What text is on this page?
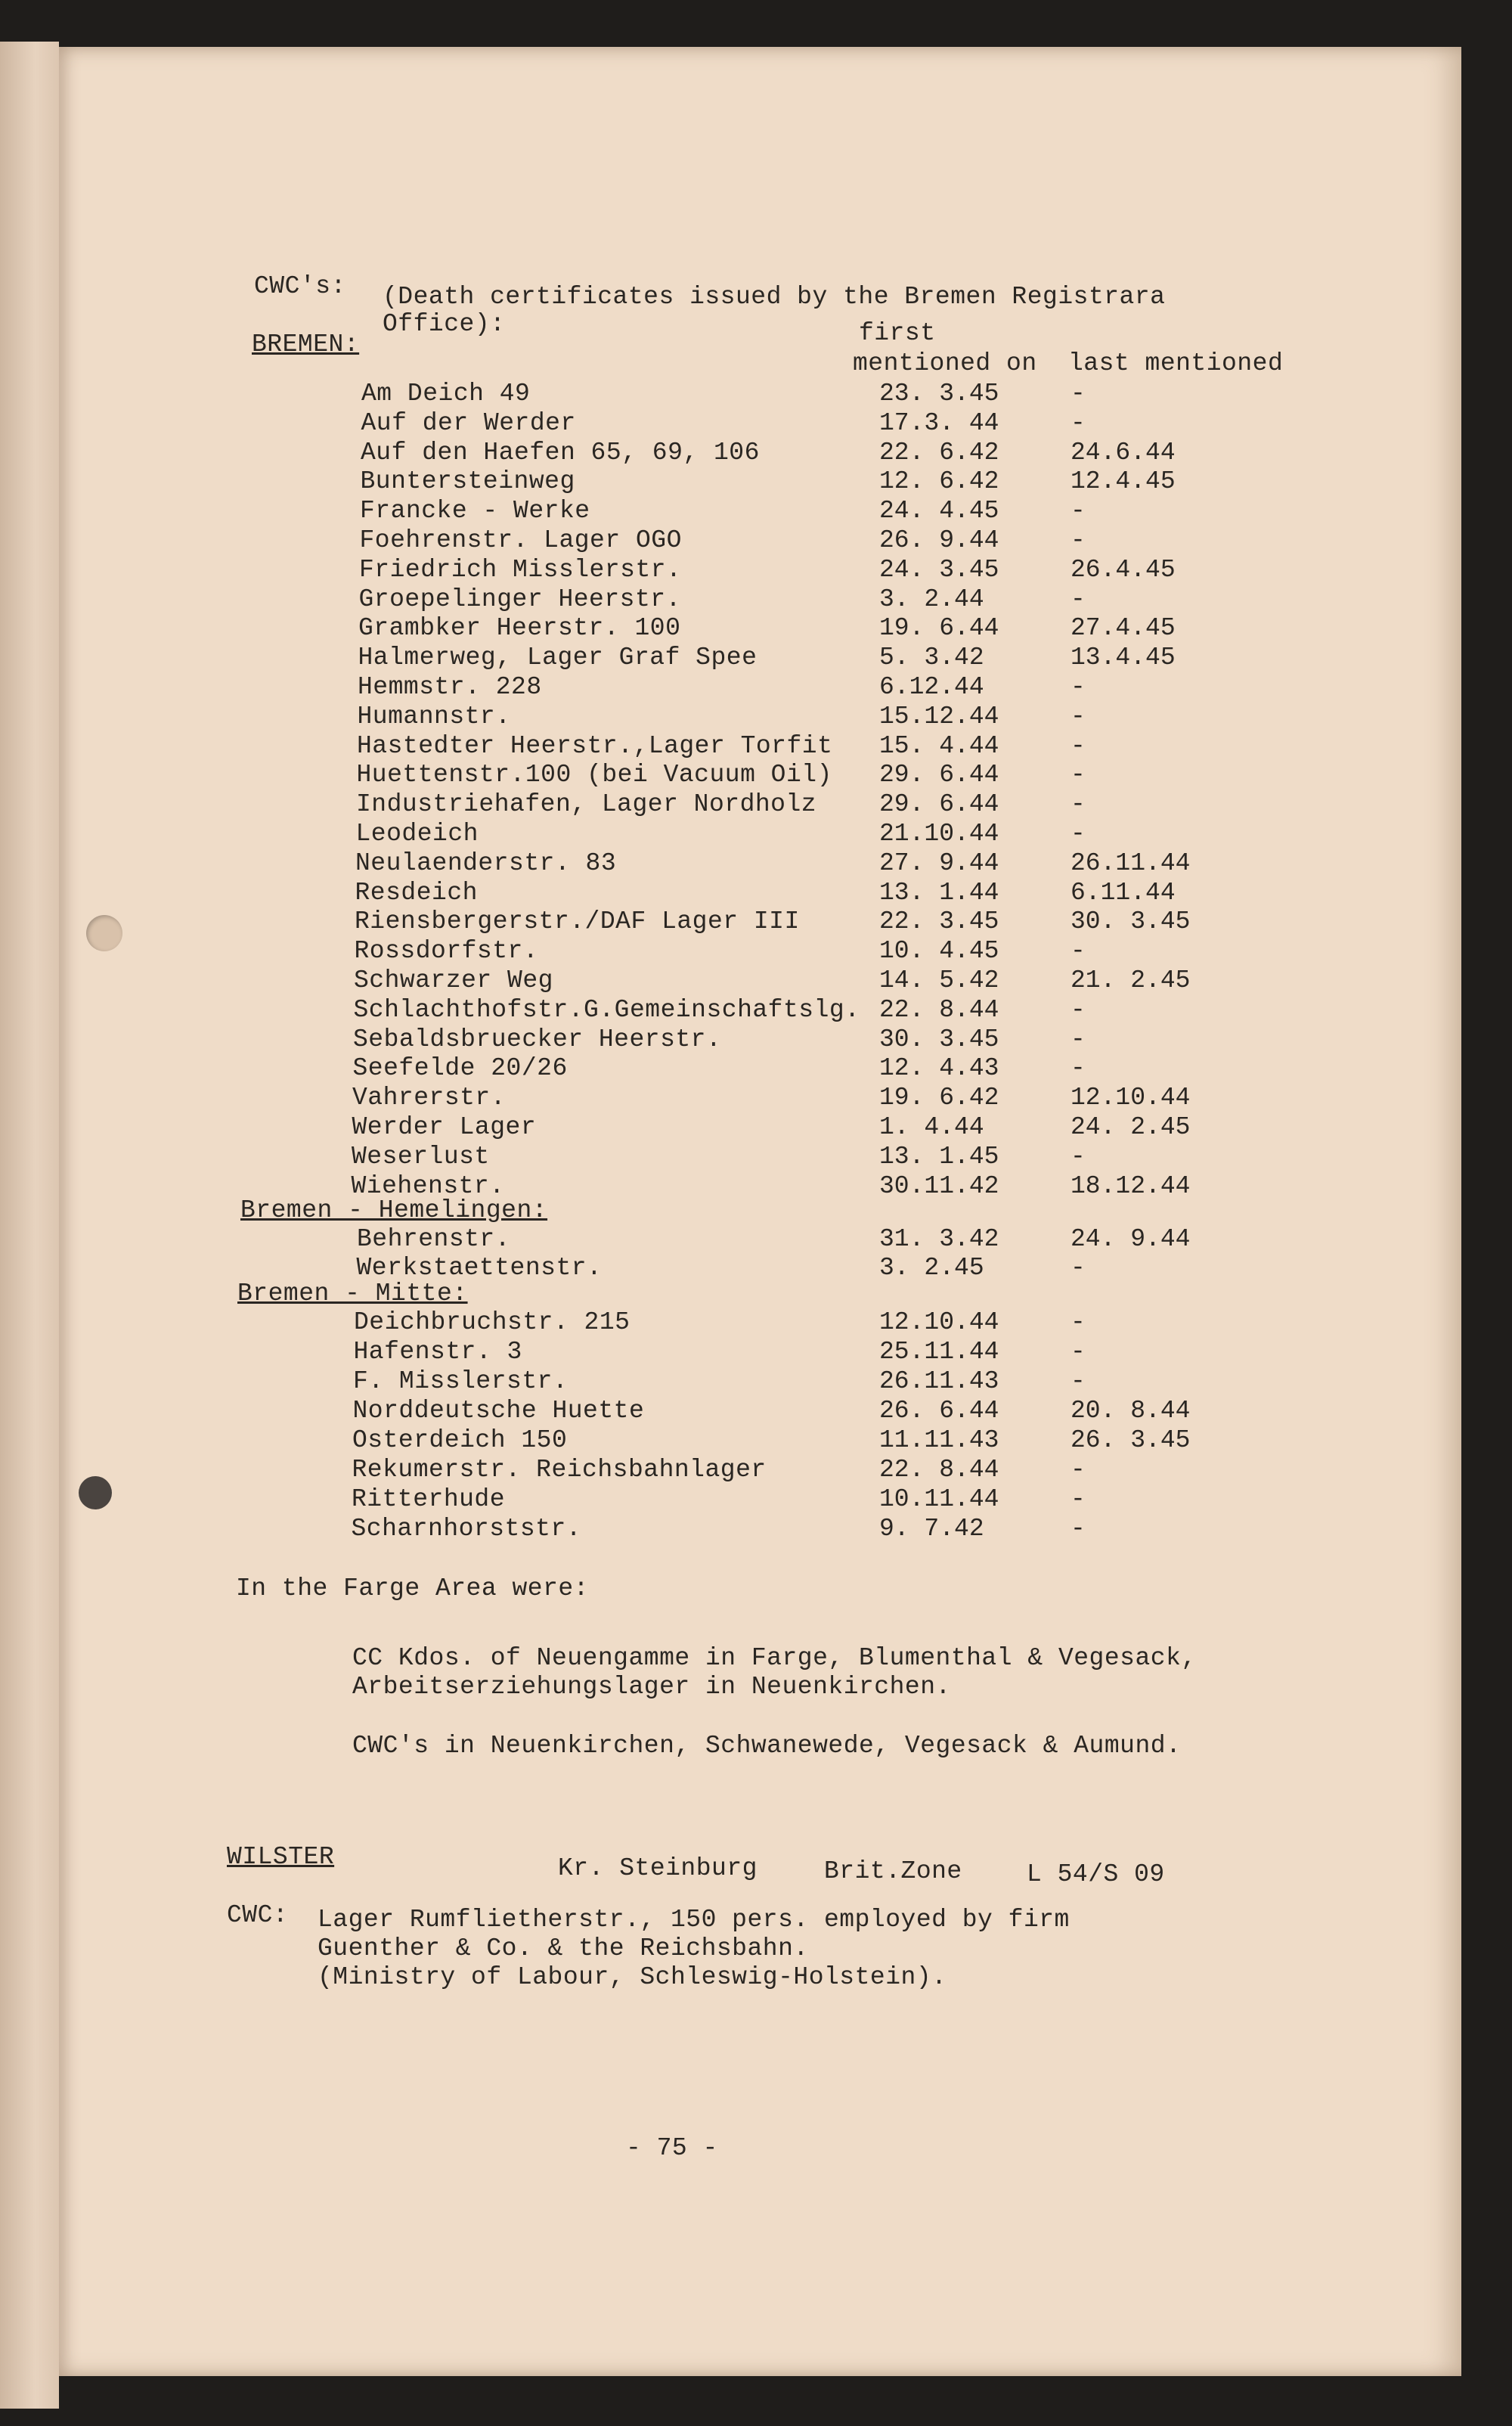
CWC's: (Death certificates issued by the Bremen Registrara
Office):	first
mentioned on last mentioned
BREMEN:
Am Deich 49	23. 3.45	-
Auf der Werder	17.3. 44	-
Auf den Haefen 65, 69, 106	22. 6.42	24.6.44
Buntersteinweg	12. 6.42	12.4.45
Francke - Werke	24. 4.45	-
Foehrenstr. Lager OGO	26. 9.44	-
Friedrich Misslerstr.	24. 3.45	26.4.45
Groepelinger Heerstr.	3. 2.44	-
Grambker Heerstr. 100	19. 6.44	27.4.45
Halmerweg, Lager Graf Spee	5. 3.42	13.4.45
Hemmstr. 228	6.12.44	-
Humannstr.	15.12.44	-
Hastedter Heerstr.,Lager Torfit 15. 4.44	-
Huettenstr.100 (bei Vacuum Oil) 29. 6.44	-
Industriehafen, Lager Nordholz	29. 6.44	-
Leodeich	21.10.44	-
Neulaenderstr. 83	27. 9.44	26.11.44
Resdeich	13. 1.44	6.11.44
Riensbergerstr./DAF Lager III	22. 3.45	30. 3.45
Rossdorfstr.	10. 4.45	-
Schwarzer Weg	14. 5.42	21. 2.45
Schlachthofstr.G.Gemeinschaftslg. 22. 8.44	-
Sebaldsbruecker Heerstr.	30. 3.45	-
Seefelde 20/26	12. 4.43	-
Vahrerstr.	19. 6.42	12.10.44
Werder Lager	1. 4.44	24. 2.45
Weserlust	13. 1.45	-
Wiehenstr.	30.11.42	18.12.44
Bremen - Hemelingen:
Behrenstr.	31. 3.42	24. 9.44
Werkstaettenstr.	3. 2.45	-
Bremen - Mitte:
Deichbruchstr. 215	12.10.44	-
Hafenstr. 3	25.11.44	-
F. Misslerstr.	26.11.43	-
Norddeutsche Huette	26. 6.44	20. 8.44
Osterdeich 150	11.11.43	26. 3.45
Rekumerstr. Reichsbahnlager	22. 8.44	-
Ritterhude	10.11.44	-
Scharnhorststr.	9. 7.42	-
In the Farge Area were:
CC Kdos. of Neuengamme in Farge, Blumenthal & Vegesack,
Arbeitserziehungslager in Neuenkirchen.
CWC's in Neuenkirchen, Schwanewede, Vegesack & Aumund.
WILSTER	Kr. Steinburg	Brit.Zone	L 54/S 09
CWC: Lager Rumflietherstr., 150 pers. employed by firm
Guenther & Co. & the Reichsbahn.
(Ministry of Labour, Schleswig-Holstein).
- 75 -
